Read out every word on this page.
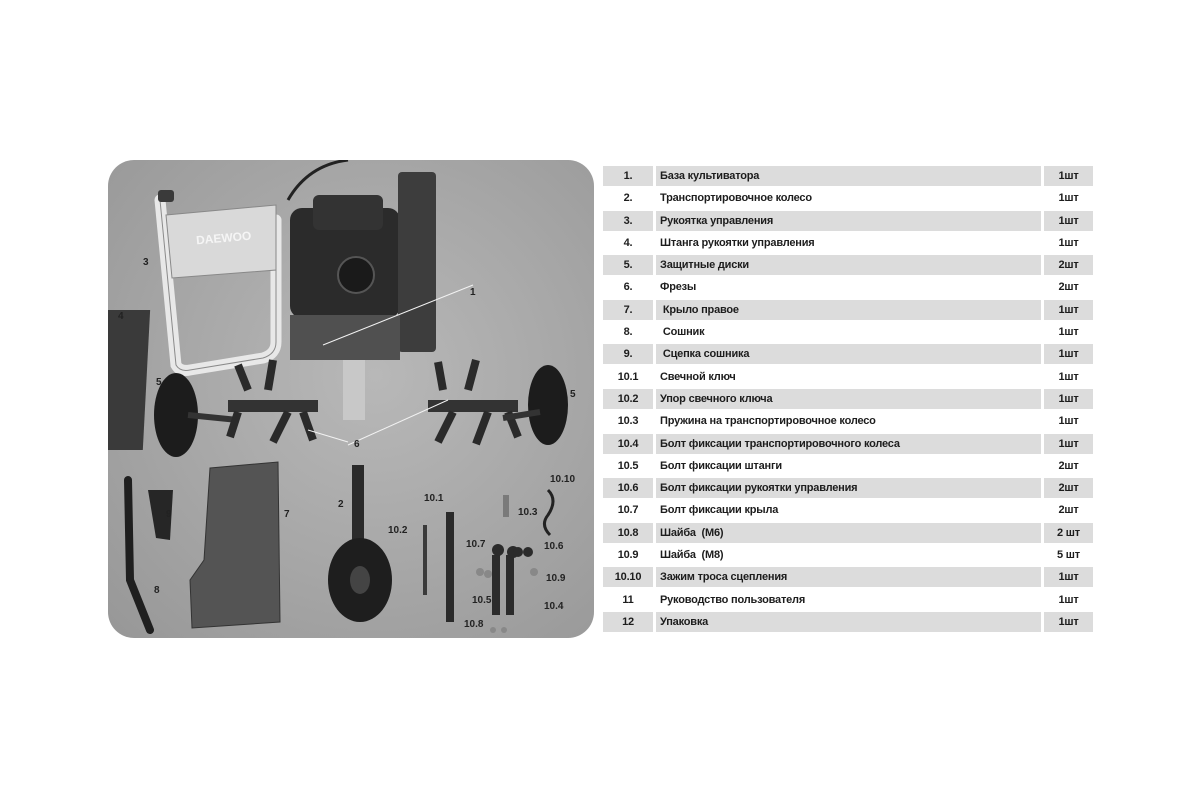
DAEWOO
1
2
3
4
5
5
6
7
8
9
10.1
10.2
10.3
10.4
10.5
10.6
10.7
10.8
10.9
10.10
1.	База культиватора	1шт
2.	Транспортировочное колесо	1шт
3.	Рукоятка управления	1шт
4.	Штанга рукоятки управления	1шт
5.	Защитные диски	2шт
6.	Фрезы	2шт
7.	Крыло правое	1шт
8.	Сошник	1шт
9.	Сцепка сошника	1шт
10.1	Свечной ключ	1шт
10.2	Упор свечного ключа	1шт
10.3	Пружина на транспортировочное колесо	1шт
10.4	Болт фиксации транспортировочного колеса	1шт
10.5	Болт фиксации штанги	2шт
10.6	Болт фиксации рукоятки управления	2шт
10.7	Болт фиксации крыла	2шт
10.8	Шайба  (М6)	2 шт
10.9	Шайба  (М8)	5 шт
10.10	Зажим троса сцепления	1шт
11	Руководство пользователя	1шт
12	Упаковка	1шт
